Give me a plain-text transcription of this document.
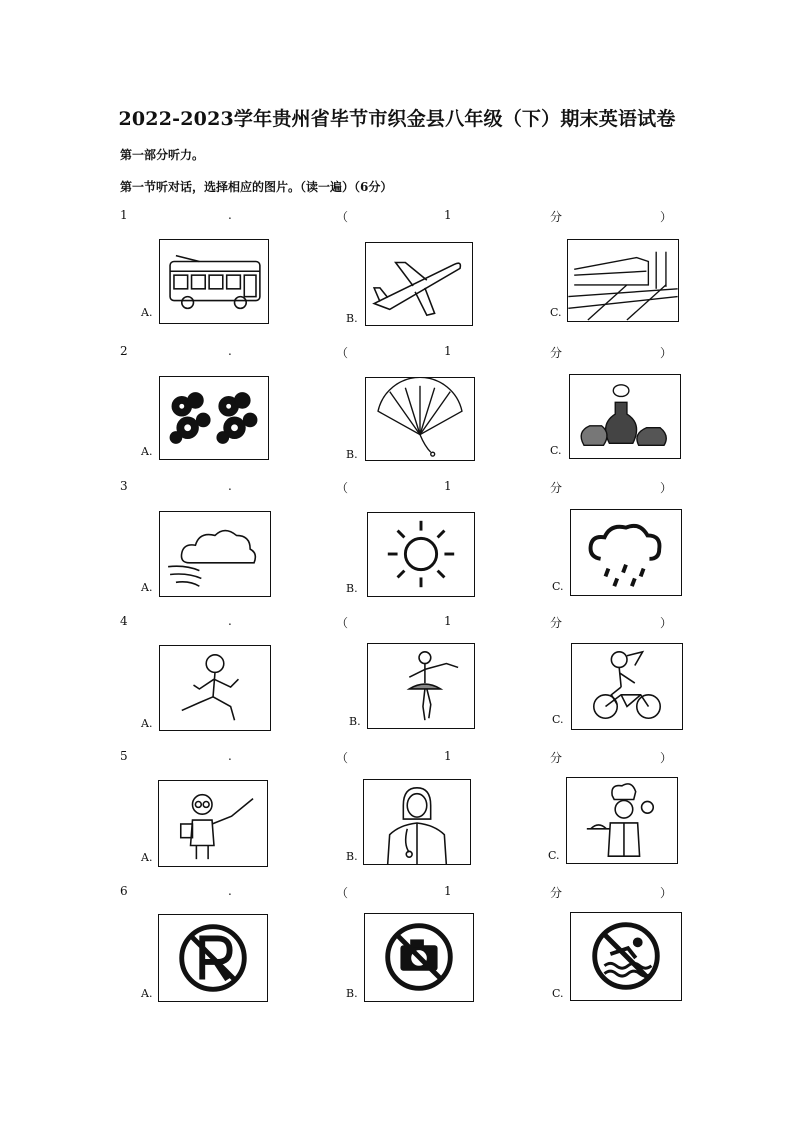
2022-2023学年贵州省毕节市织金县八年级（下）期末英语试卷
第一部分听力。
第一节听对话，选择相应的图片。（读一遍）（6分）
1	.	（	1	分	）
A.	B.	C.
2	.	（	1	分	）
A.	B.	C.
3	.	（	1	分	）
A.	B.	C.
4	.	（	1	分	）
A.	B.	C.
5	.	（	1	分	）
A.	B.	C.
6	.	（	1	分	）
A.	B.	C.
